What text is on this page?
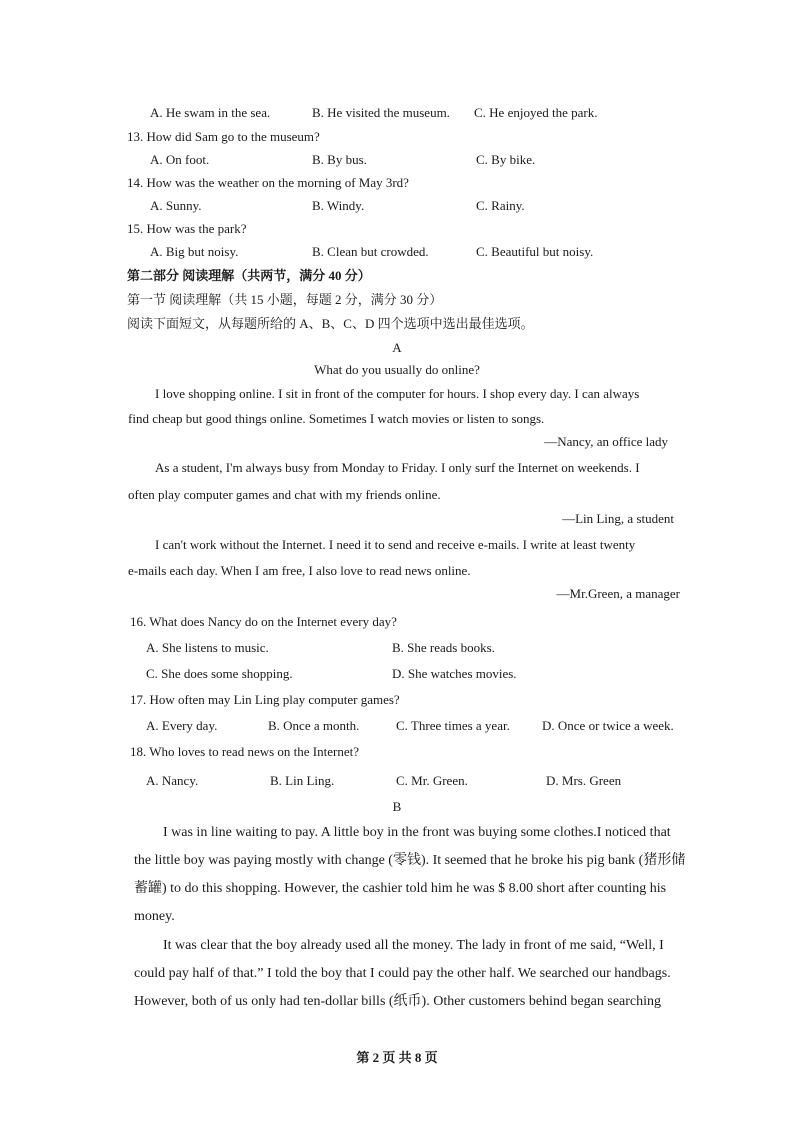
A. He swam in the sea.	B. He visited the museum. C. He enjoyed the park.
13. How did Sam go to the museum?
A. On foot.	B. By bus.	C. By bike.
14. How was the weather on the morning of May 3rd?
A. Sunny.	B. Windy.	C. Rainy.
15. How was the park?
A. Big but noisy.	B. Clean but crowded.	C. Beautiful but noisy.
第二部分 阅读理解（共两节，满分 40 分）
第一节 阅读理解（共 15 小题，每题 2 分，满分 30 分）
阅读下面短文，从每题所给的 A、B、C、D 四个选项中选出最佳选项。
A
What do you usually do online?
I love shopping online. I sit in front of the computer for hours. I shop every day. I can always
find cheap but good things online. Sometimes I watch movies or listen to songs.
—Nancy, an office lady
As a student, I'm always busy from Monday to Friday. I only surf the Internet on weekends. I
often play computer games and chat with my friends online.
—Lin Ling, a student
I can't work without the Internet. I need it to send and receive e-mails. I write at least twenty
e-mails each day. When I am free, I also love to read news online.
—Mr.Green, a manager
16. What does Nancy do on the Internet every day?
A. She listens to music.	B. She reads books.
C. She does some shopping.	D. She watches movies.
17. How often may Lin Ling play computer games?
A. Every day.	B. Once a month.	C. Three times a year. D. Once or twice a week.
18. Who loves to read news on the Internet?
A. Nancy.	B. Lin Ling.	C. Mr. Green.	D. Mrs. Green
B
I was in line waiting to pay. A little boy in the front was buying some clothes.I noticed that
the little boy was paying mostly with change (零钱). It seemed that he broke his pig bank (猪形储
蓄罐) to do this shopping. However, the cashier told him he was $ 8.00 short after counting his
money.
It was clear that the boy already used all the money. The lady in front of me said, “Well, I
could pay half of that.” I told the boy that I could pay the other half. We searched our handbags.
However, both of us only had ten-dollar bills (纸币). Other customers behind began searching
第 2 页 共 8 页
